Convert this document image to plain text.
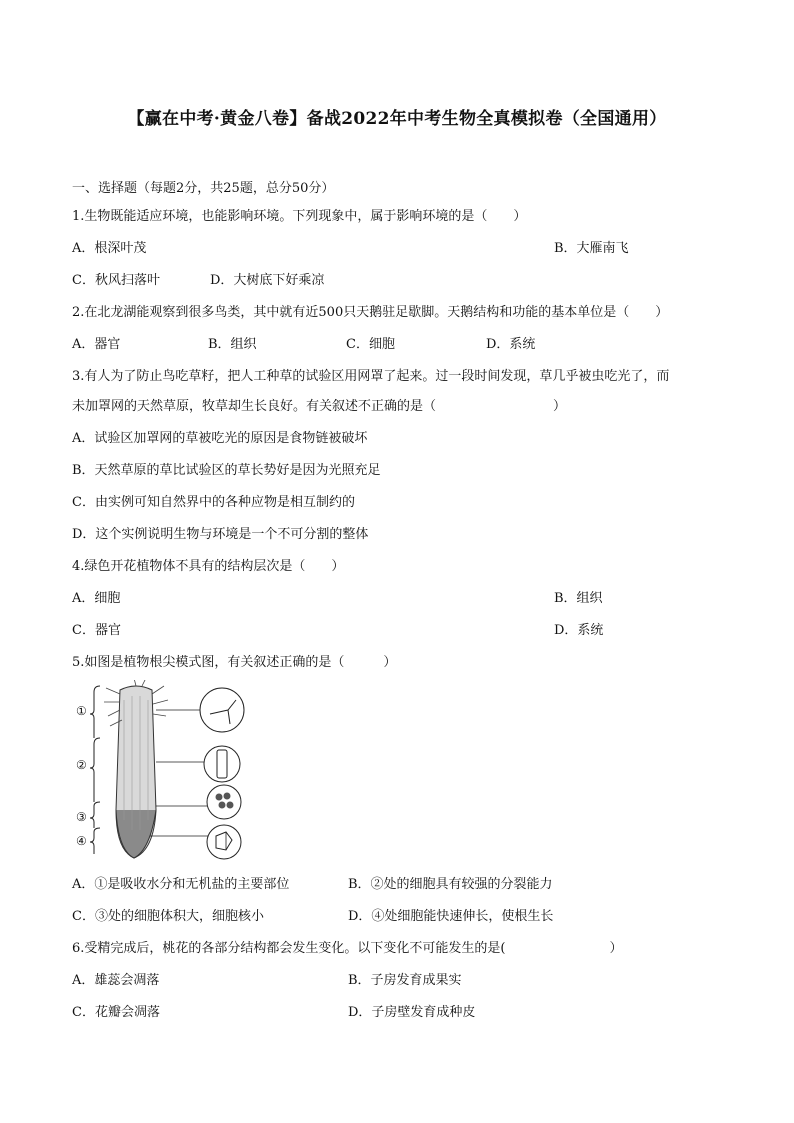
【赢在中考·黄金八卷】备战2022年中考生物全真模拟卷（全国通用）
一、选择题（每题2分，共25题，总分50分）
1.生物既能适应环境，也能影响环境。下列现象中，属于影响环境的是（　　）
A．根深叶茂	B．大雁南飞
C．秋风扫落叶	D．大树底下好乘凉
2.在北龙湖能观察到很多鸟类，其中就有近500只天鹅驻足歇脚。天鹅结构和功能的基本单位是（　　）
A．器官	B．组织	C．细胞	D．系统
3.有人为了防止鸟吃草籽，把人工种草的试验区用网罩了起来。过一段时间发现，草几乎被虫吃光了，而
未加罩网的天然草原，牧草却生长良好。有关叙述不正确的是（　　　　　　　　　）
A．试验区加罩网的草被吃光的原因是食物链被破坏
B．天然草原的草比试验区的草长势好是因为光照充足
C．由实例可知自然界中的各种应物是相互制约的
D．这个实例说明生物与环境是一个不可分割的整体
4.绿色开花植物体不具有的结构层次是（　　）
A．细胞	B．组织
C．器官	D．系统
5.如图是植物根尖模式图，有关叙述正确的是（　　　）
①
②
③
④
A．①是吸收水分和无机盐的主要部位	B．②处的细胞具有较强的分裂能力
C．③处的细胞体积大，细胞核小	D．④处细胞能快速伸长，使根生长
6.受精完成后，桃花的各部分结构都会发生变化。以下变化不可能发生的是(　　　　　　　　）
A．雄蕊会凋落	B．子房发育成果实
C．花瓣会凋落	D．子房壁发育成种皮
